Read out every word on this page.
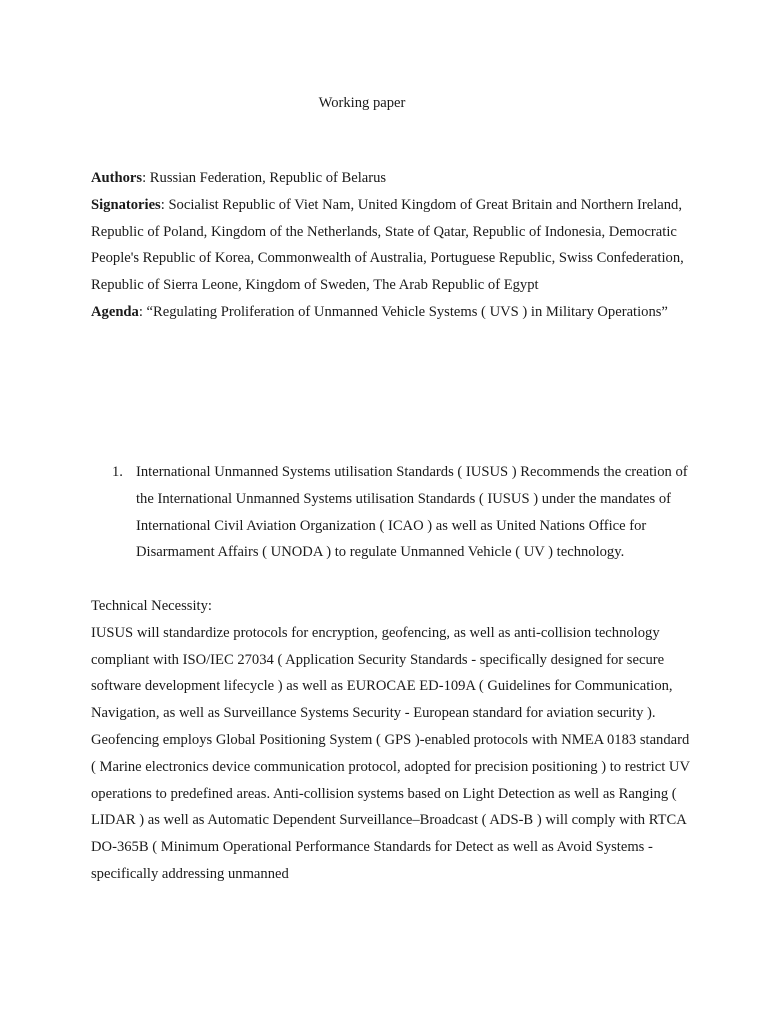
Working paper

Authors: Russian Federation, Republic of Belarus

Signatories: Socialist Republic of Viet Nam, United Kingdom of Great Britain and Northern Ireland, Republic of Poland, Kingdom of the Netherlands, State of Qatar, Republic of Indonesia, Democratic People's Republic of Korea, Commonwealth of Australia, Portuguese Republic, Swiss Confederation, Republic of Sierra Leone, Kingdom of Sweden, The Arab Republic of Egypt

Agenda: “Regulating Proliferation of Unmanned Vehicle Systems ( UVS ) in Military Operations”

1. International Unmanned Systems utilisation Standards ( IUSUS ) Recommends the creation of the International Unmanned Systems utilisation Standards ( IUSUS ) under the mandates of International Civil Aviation Organization ( ICAO ) as well as United Nations Office for Disarmament Affairs ( UNODA ) to regulate Unmanned Vehicle ( UV ) technology.

Technical Necessity:

IUSUS will standardize protocols for encryption, geofencing, as well as anti-collision technology compliant with ISO/IEC 27034 ( Application Security Standards - specifically designed for secure software development lifecycle ) as well as EUROCAE ED-109A ( Guidelines for Communication, Navigation, as well as Surveillance Systems Security - European standard for aviation security ). Geofencing employs Global Positioning System ( GPS )-enabled protocols with NMEA 0183 standard ( Marine electronics device communication protocol, adopted for precision positioning ) to restrict UV operations to predefined areas. Anti-collision systems based on Light Detection as well as Ranging ( LIDAR ) as well as Automatic Dependent Surveillance–Broadcast ( ADS-B ) will comply with RTCA DO-365B ( Minimum Operational Performance Standards for Detect as well as Avoid Systems - specifically addressing unmanned
